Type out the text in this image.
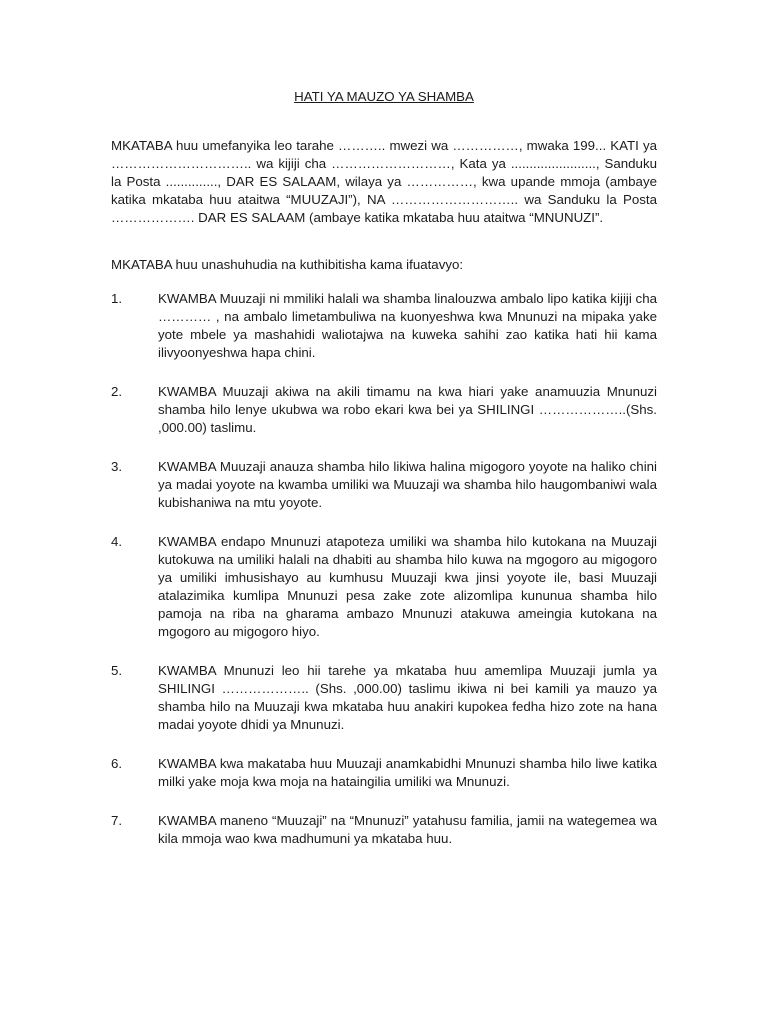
HATI YA MAUZO YA SHAMBA

MKATABA huu umefanyika leo tarahe ……….. mwezi wa ……………, mwaka 199... KATI ya ………………………….. wa kijiji cha ………………………, Kata ya ......................., Sanduku la Posta .............., DAR ES SALAAM, wilaya ya ……………, kwa upande mmoja (ambaye katika mkataba huu ataitwa “MUUZAJI”), NA ……………………….. wa Sanduku la Posta ………………. DAR ES SALAAM (ambaye katika mkataba huu ataitwa “MNUNUZI”.

MKATABA huu unashuhudia na kuthibitisha kama ifuatavyo:

1.	KWAMBA Muuzaji ni mmiliki halali wa shamba linalouzwa ambalo lipo katika kijiji cha ………… , na ambalo limetambuliwa na kuonyeshwa kwa Mnunuzi na mipaka yake yote mbele ya mashahidi waliotajwa na kuweka sahihi zao katika hati hii kama ilivyoonyeshwa hapa chini.
2.	KWAMBA Muuzaji akiwa na akili timamu na kwa hiari yake anamuuzia Mnunuzi shamba hilo lenye ukubwa wa robo ekari kwa bei ya SHILINGI ………………..(Shs. ,000.00) taslimu.
3.	KWAMBA Muuzaji anauza shamba hilo likiwa halina migogoro yoyote na haliko chini ya madai yoyote na kwamba umiliki wa Muuzaji wa shamba hilo haugombaniwi wala kubishaniwa na mtu yoyote.
4.	KWAMBA endapo Mnunuzi atapoteza umiliki wa shamba hilo kutokana na Muuzaji kutokuwa na umiliki halali na dhabiti au shamba hilo kuwa na mgogoro au migogoro ya umiliki imhusishayo au kumhusu Muuzaji kwa jinsi yoyote ile, basi Muuzaji atalazimika kumlipa Mnunuzi pesa zake zote alizomlipa kununua shamba hilo pamoja na riba na gharama ambazo Mnunuzi atakuwa ameingia kutokana na mgogoro au migogoro hiyo.
5.	KWAMBA Mnunuzi leo hii tarehe ya mkataba huu amemlipa Muuzaji jumla ya SHILINGI ……………….. (Shs. ,000.00) taslimu ikiwa ni bei kamili ya mauzo ya shamba hilo na Muuzaji kwa mkataba huu anakiri kupokea fedha hizo zote na hana madai yoyote dhidi ya Mnunuzi.
6.	KWAMBA kwa makataba huu Muuzaji anamkabidhi Mnunuzi shamba hilo liwe katika milki yake moja kwa moja na hataingilia umiliki wa Mnunuzi.
7.	KWAMBA maneno “Muuzaji” na “Mnunuzi” yatahusu familia, jamii na wategemea wa kila mmoja wao kwa madhumuni ya mkataba huu.
